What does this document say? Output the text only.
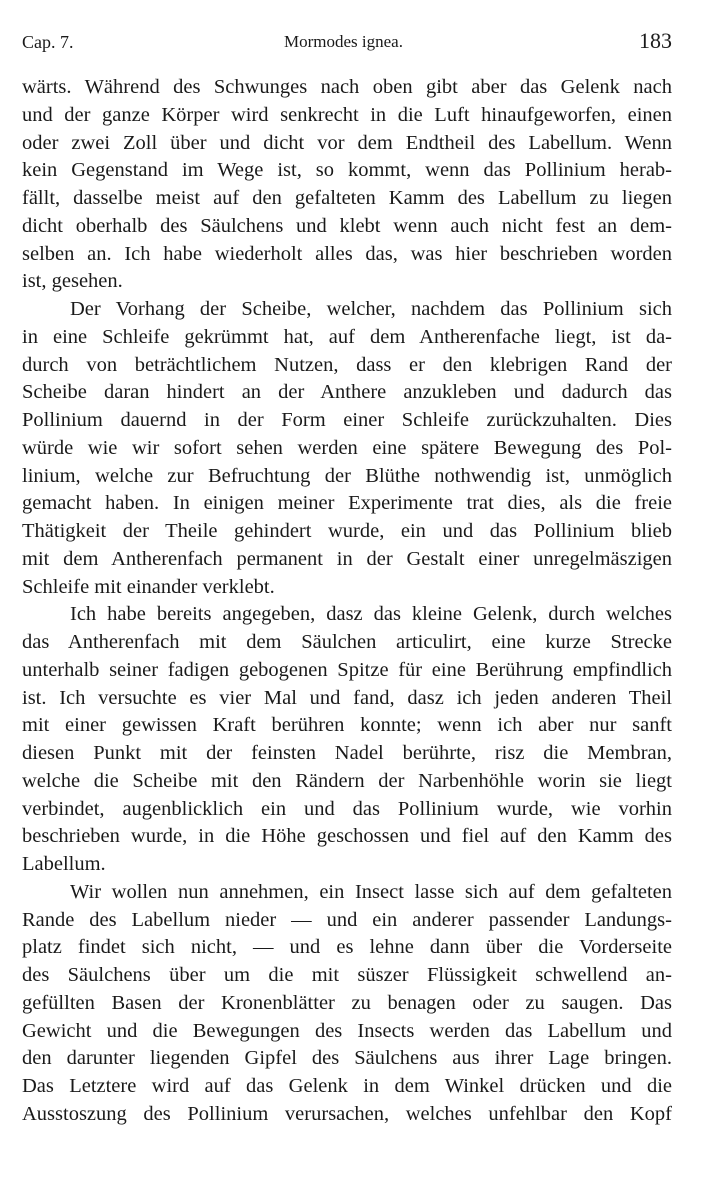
Cap. 7.	Mormodes ignea.	183
wärts. Während des Schwunges nach oben gibt aber das Gelenk nach
und der ganze Körper wird senkrecht in die Luft hinaufgeworfen, einen
oder zwei Zoll über und dicht vor dem Endtheil des Labellum. Wenn
kein Gegenstand im Wege ist, so kommt, wenn das Pollinium herab-
fällt, dasselbe meist auf den gefalteten Kamm des Labellum zu liegen
dicht oberhalb des Säulchens und klebt wenn auch nicht fest an dem-
selben an. Ich habe wiederholt alles das, was hier beschrieben worden
ist, gesehen.
Der Vorhang der Scheibe, welcher, nachdem das Pollinium sich
in eine Schleife gekrümmt hat, auf dem Antherenfache liegt, ist da-
durch von beträchtlichem Nutzen, dass er den klebrigen Rand der
Scheibe daran hindert an der Anthere anzukleben und dadurch das
Pollinium dauernd in der Form einer Schleife zurückzuhalten. Dies
würde wie wir sofort sehen werden eine spätere Bewegung des Pol-
linium, welche zur Befruchtung der Blüthe nothwendig ist, unmöglich
gemacht haben. In einigen meiner Experimente trat dies, als die freie
Thätigkeit der Theile gehindert wurde, ein und das Pollinium blieb
mit dem Antherenfach permanent in der Gestalt einer unregelmäszigen
Schleife mit einander verklebt.
Ich habe bereits angegeben, dasz das kleine Gelenk, durch welches
das Antherenfach mit dem Säulchen articulirt, eine kurze Strecke
unterhalb seiner fadigen gebogenen Spitze für eine Berührung empfindlich
ist. Ich versuchte es vier Mal und fand, dasz ich jeden anderen Theil
mit einer gewissen Kraft berühren konnte; wenn ich aber nur sanft
diesen Punkt mit der feinsten Nadel berührte, risz die Membran,
welche die Scheibe mit den Rändern der Narbenhöhle worin sie liegt
verbindet, augenblicklich ein und das Pollinium wurde, wie vorhin
beschrieben wurde, in die Höhe geschossen und fiel auf den Kamm des
Labellum.
Wir wollen nun annehmen, ein Insect lasse sich auf dem gefalteten
Rande des Labellum nieder — und ein anderer passender Landungs-
platz findet sich nicht, — und es lehne dann über die Vorderseite
des Säulchens über um die mit süszer Flüssigkeit schwellend an-
gefüllten Basen der Kronenblätter zu benagen oder zu saugen. Das
Gewicht und die Bewegungen des Insects werden das Labellum und
den darunter liegenden Gipfel des Säulchens aus ihrer Lage bringen.
Das Letztere wird auf das Gelenk in dem Winkel drücken und die
Ausstoszung des Pollinium verursachen, welches unfehlbar den Kopf
